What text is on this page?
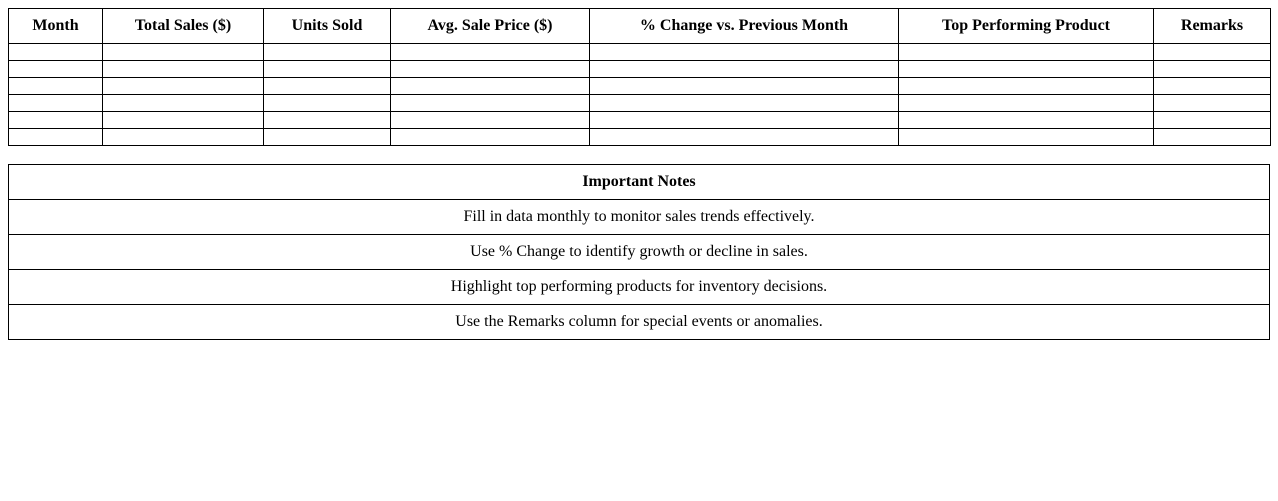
Month	Total Sales ($)	Units Sold	Avg. Sale Price ($)	% Change vs. Previous Month	Top Performing Product	Remarks

Important Notes
Fill in data monthly to monitor sales trends effectively.
Use % Change to identify growth or decline in sales.
Highlight top performing products for inventory decisions.
Use the Remarks column for special events or anomalies.
